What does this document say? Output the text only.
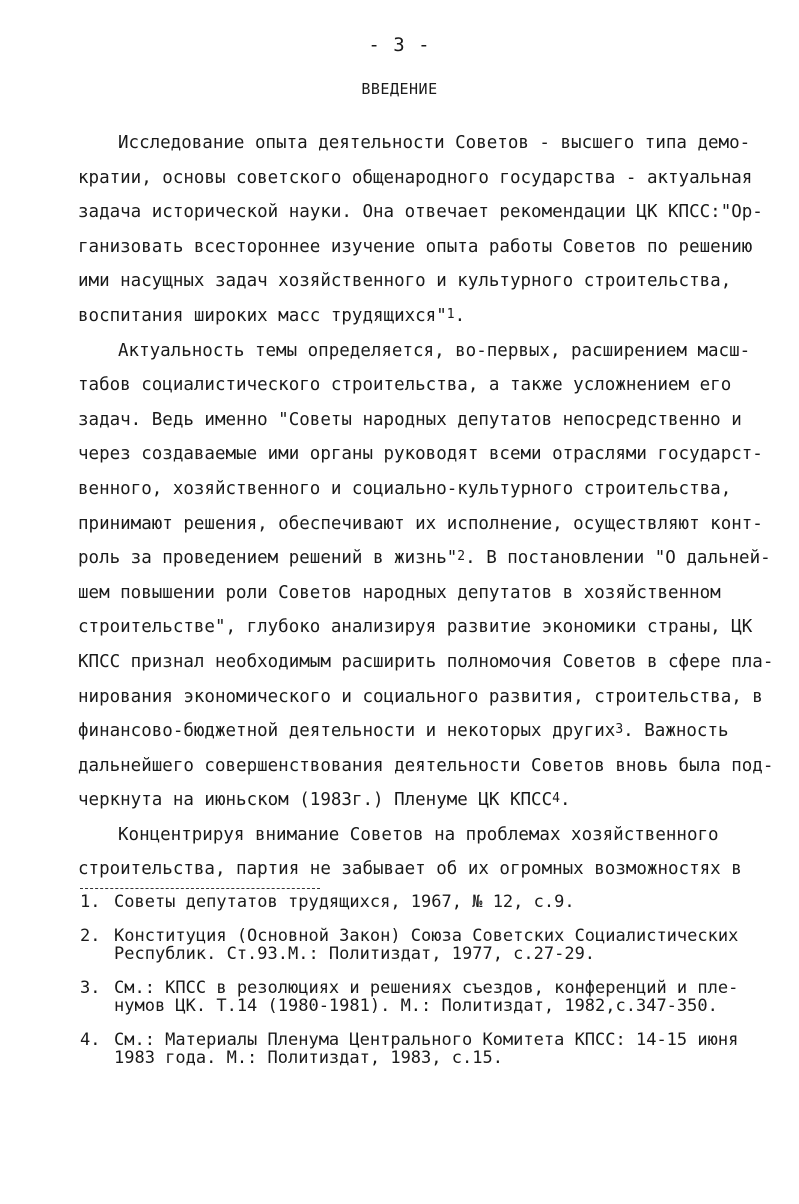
- 3 -
ВВЕДЕНИЕ
Исследование опыта деятельности Советов - высшего типа демо-
кратии, основы советского общенародного государства - актуальная
задача исторической науки. Она отвечает рекомендации ЦК КПСС:"Ор-
ганизовать всестороннее изучение опыта работы Советов по решению
ими насущных задач хозяйственного и культурного строительства,
воспитания широких масс трудящихся"$^1$.
Актуальность темы определяется, во-первых, расширением масш-
табов социалистического строительства, а также усложнением его
задач. Ведь именно "Советы народных депутатов непосредственно и
через создаваемые ими органы руководят всеми отраслями государст-
венного, хозяйственного и социально-культурного строительства,
принимают решения, обеспечивают их исполнение, осуществляют конт-
роль за проведением решений в жизнь"$^2$. В постановлении "О дальней-
шем повышении роли Советов народных депутатов в хозяйственном
строительстве", глубоко анализируя развитие экономики страны, ЦК
КПСС признал необходимым расширить полномочия Советов в сфере пла-
нирования экономического и социального развития, строительства, в
финансово-бюджетной деятельности и некоторых других$^3$. Важность
дальнейшего совершенствования деятельности Советов вновь была под-
черкнута на июньском (1983г.) Пленуме ЦК КПСС$^4$.
Концентрируя внимание Советов на проблемах хозяйственного
строительства, партия не забывает об их огромных возможностях в
1. Советы депутатов трудящихся, 1967, № 12, с.9.
2. Конституция (Основной Закон) Союза Советских Социалистических
Республик. Ст.93.М.: Политиздат, 1977, с.27-29.
3. См.: КПСС в резолюциях и решениях съездов, конференций и пле-
нумов ЦК. Т.14 (1980-1981). М.: Политиздат, 1982,с.347-350.
4. См.: Материалы Пленума Центрального Комитета КПСС: 14-15 июня
1983 года. М.: Политиздат, 1983, с.15.
